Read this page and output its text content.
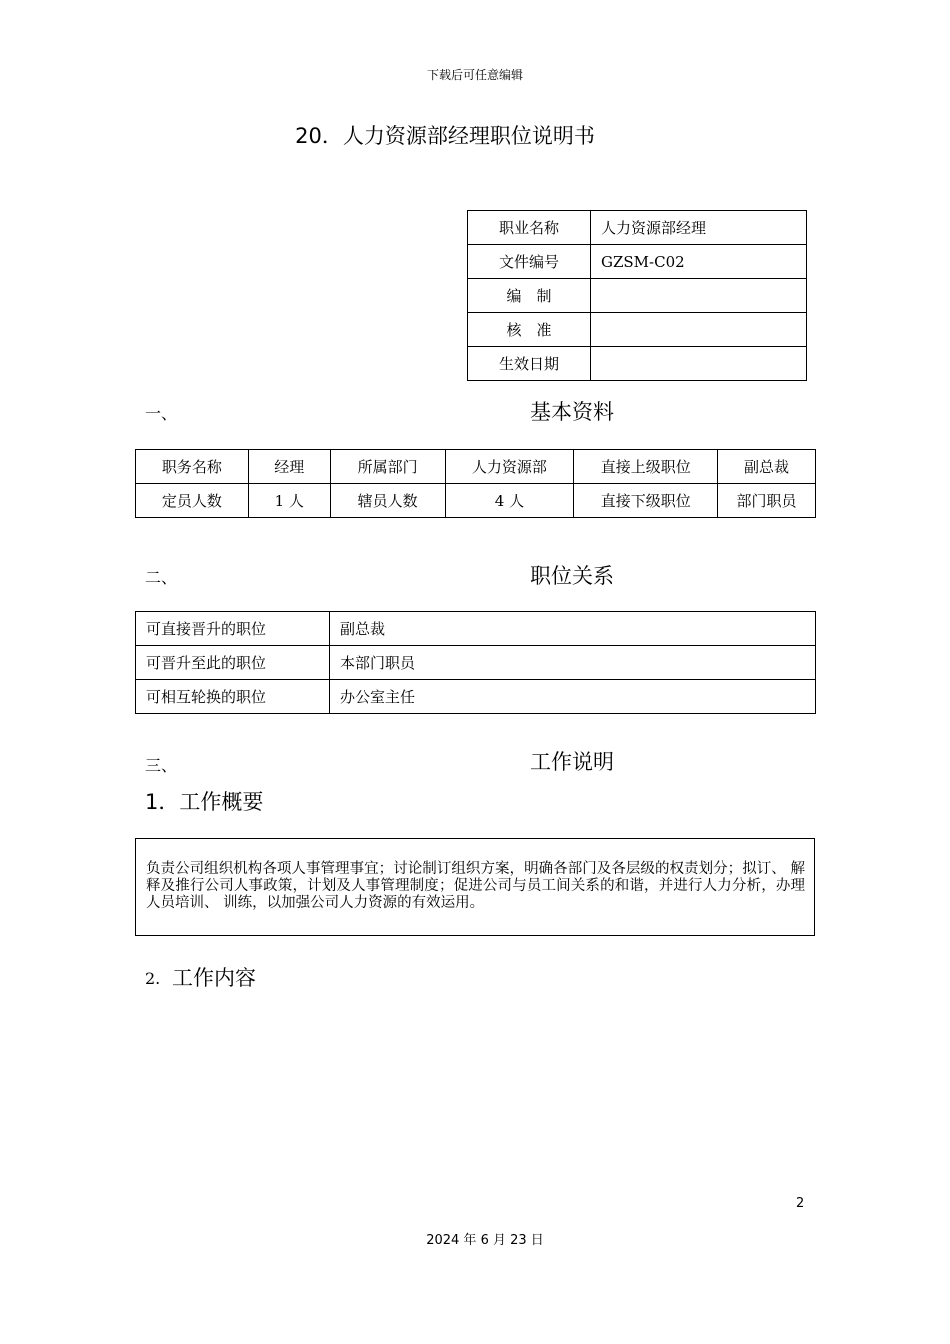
下载后可任意编辑
20．人力资源部经理职位说明书
职业名称	人力资源部经理
文件编号	GZSM-C02
编　制	
核　准	
生效日期	
一、	基本资料
职务名称	经理	所属部门	人力资源部	直接上级职位	副总裁
定员人数	1 人	辖员人数	4 人	直接下级职位	部门职员
二、	职位关系
可直接晋升的职位	副总裁
可晋升至此的职位	本部门职员
可相互轮换的职位	办公室主任
三、	工作说明
1．工作概要
负责公司组织机构各项人事管理事宜；讨论制订组织方案，明确各部门及各层级的权责划分；拟订、 解释及推行公司人事政策，计划及人事管理制度；促进公司与员工间关系的和谐，并进行人力分析，办理人员培训、 训练，以加强公司人力资源的有效运用。
2. 工作内容
2
2024 年 6 月 23 日
